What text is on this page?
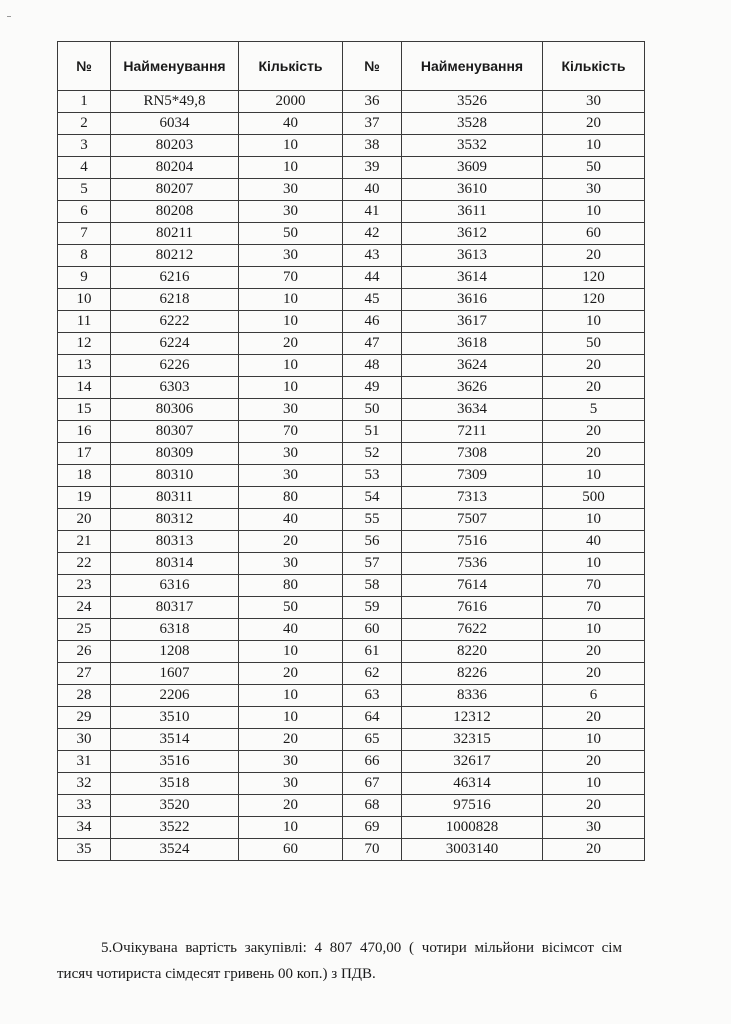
№	Найменування	Кількість	№	Найменування	Кількість
1	RN5*49,8	2000	36	3526	30
2	6034	40	37	3528	20
3	80203	10	38	3532	10
4	80204	10	39	3609	50
5	80207	30	40	3610	30
6	80208	30	41	3611	10
7	80211	50	42	3612	60
8	80212	30	43	3613	20
9	6216	70	44	3614	120
10	6218	10	45	3616	120
11	6222	10	46	3617	10
12	6224	20	47	3618	50
13	6226	10	48	3624	20
14	6303	10	49	3626	20
15	80306	30	50	3634	5
16	80307	70	51	7211	20
17	80309	30	52	7308	20
18	80310	30	53	7309	10
19	80311	80	54	7313	500
20	80312	40	55	7507	10
21	80313	20	56	7516	40
22	80314	30	57	7536	10
23	6316	80	58	7614	70
24	80317	50	59	7616	70
25	6318	40	60	7622	10
26	1208	10	61	8220	20
27	1607	20	62	8226	20
28	2206	10	63	8336	6
29	3510	10	64	12312	20
30	3514	20	65	32315	10
31	3516	30	66	32617	20
32	3518	30	67	46314	10
33	3520	20	68	97516	20
34	3522	10	69	1000828	30
35	3524	60	70	3003140	20
5.Очікувана вартість закупівлі: 4 807 470,00 ( чотири мільйони вісімсот сім
тисяч чотириста сімдесят гривень 00 коп.) з ПДВ.
